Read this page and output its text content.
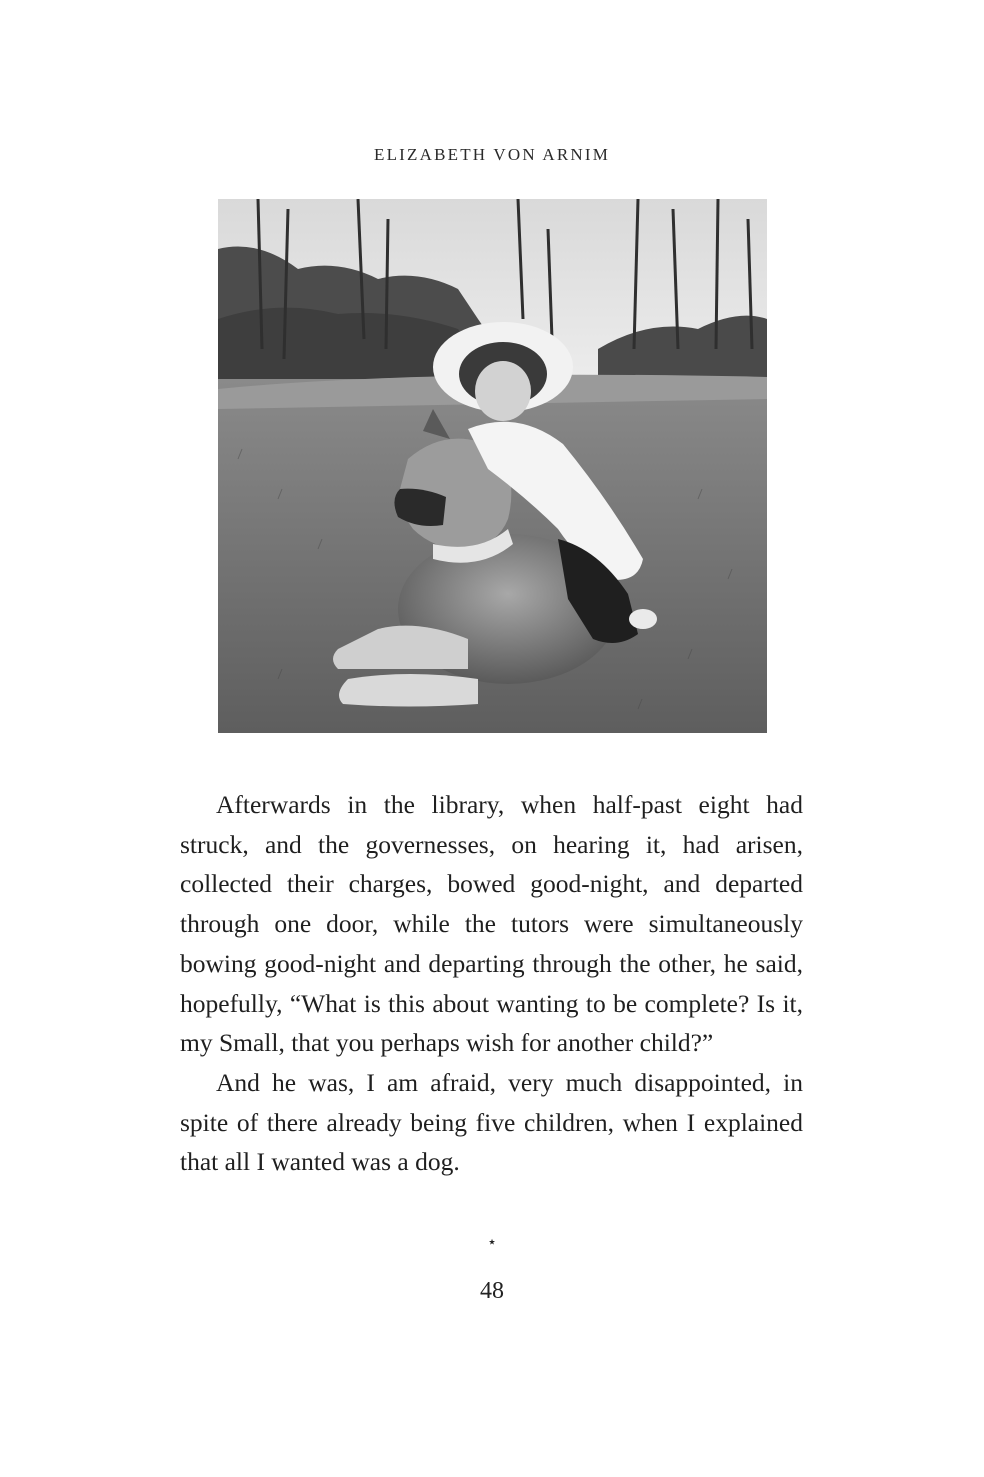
ELIZABETH VON ARNIM

Afterwards in the library, when half-past eight had struck, and the governesses, on hearing it, had arisen, collected their charges, bowed good-night, and departed through one door, while the tutors were simultaneously bowing good-night and departing through the other, he said, hopefully, “What is this about wanting to be complete? Is it, my Small, that you perhaps wish for another child?”

And he was, I am afraid, very much disappointed, in spite of there already being five children, when I explained that all I wanted was a dog.

⋆
48
